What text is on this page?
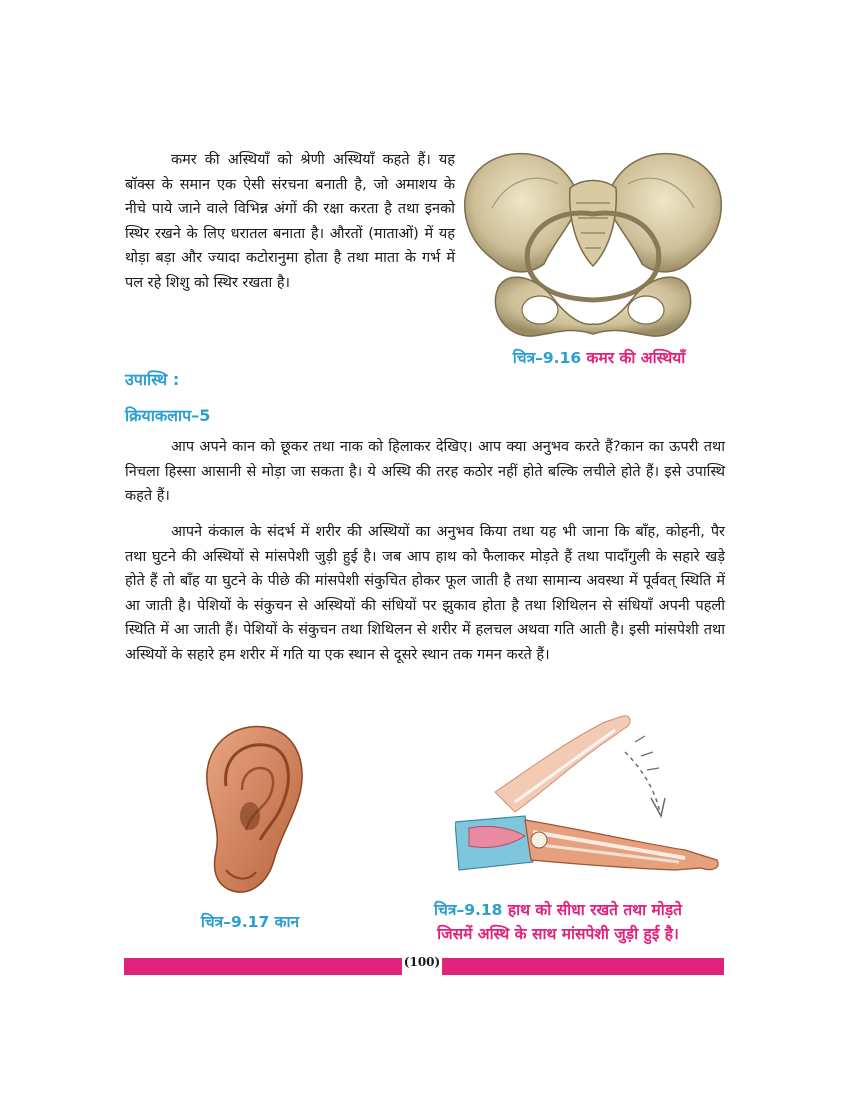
कमर की अस्थियाँ को श्रेणी अस्थियाँ कहते हैं। यह बॉक्स के समान एक ऐसी संरचना बनाती है, जो अमाशय के नीचे पाये जाने वाले विभिन्न अंगों की रक्षा करता है तथा इनको स्थिर रखने के लिए धरातल बनाता है। औरतों (माताओं) में यह थोड़ा बड़ा और ज्यादा कटोरानुमा होता है तथा माता के गर्भ में पल रहे शिशु को स्थिर रखता है।

चित्र–9.16 कमर की अस्थियाँ
उपास्थि :
क्रियाकलाप–5

आप अपने कान को छूकर तथा नाक को हिलाकर देखिए। आप क्या अनुभव करते हैं?कान का ऊपरी तथा निचला हिस्सा आसानी से मोड़ा जा सकता है। ये अस्थि की तरह कठोर नहीं होते बल्कि लचीले होते हैं। इसे उपास्थि कहते हैं।

आपने कंकाल के संदर्भ में शरीर की अस्थियों का अनुभव किया तथा यह भी जाना कि बाँह, कोहनी, पैर तथा घुटने की अस्थियों से मांसपेशी जुड़ी हुई है। जब आप हाथ को फैलाकर मोड़ते हैं तथा पादाँगुली के सहारे खड़े होते हैं तो बाँह या घुटने के पीछे की मांसपेशी संकुचित होकर फूल जाती है तथा सामान्य अवस्था में पूर्ववत् स्थिति में आ जाती है। पेशियों के संकुचन से अस्थियों की संधियों पर झुकाव होता है तथा शिथिलन से संधियाँ अपनी पहली स्थिति में आ जाती हैं। पेशियों के संकुचन तथा शिथिलन से शरीर में हलचल अथवा गति आती है। इसी मांसपेशी तथा अस्थियों के सहारे हम शरीर में गति या एक स्थान से दूसरे स्थान तक गमन करते हैं।

चित्र–9.17 कान
चित्र–9.18 हाथ को सीधा रखते तथा मोड़ते
जिसमें अस्थि के साथ मांसपेशी जुड़ी हुई है।
(100)
